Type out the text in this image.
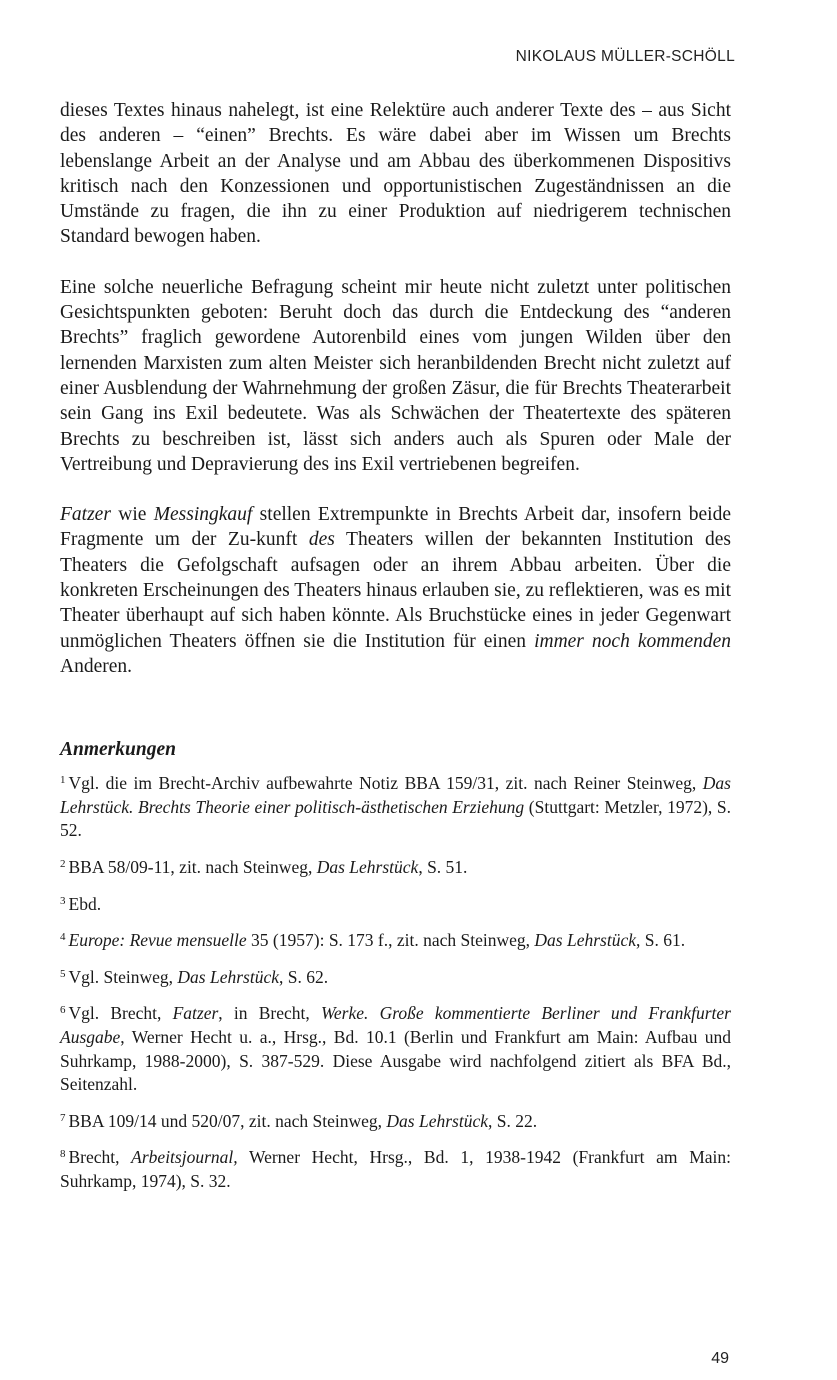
NIKOLAUS MÜLLER-SCHÖLL

dieses Textes hinaus nahelegt, ist eine Relektüre auch anderer Texte des – aus Sicht des anderen – “einen” Brechts. Es wäre dabei aber im Wissen um Brechts lebenslange Arbeit an der Analyse und am Abbau des überkommenen Dispositivs kritisch nach den Konzessionen und opportunistischen Zugeständnissen an die Umstände zu fragen, die ihn zu einer Produktion auf niedrigerem technischen Standard bewogen haben.

Eine solche neuerliche Befragung scheint mir heute nicht zuletzt unter politischen Gesichtspunkten geboten: Beruht doch das durch die Entdeckung des “anderen Brechts” fraglich gewordene Autorenbild eines vom jungen Wilden über den lernenden Marxisten zum alten Meister sich heranbildenden Brecht nicht zuletzt auf einer Ausblendung der Wahrnehmung der großen Zäsur, die für Brechts Theaterarbeit sein Gang ins Exil bedeutete. Was als Schwächen der Theatertexte des späteren Brechts zu beschreiben ist, lässt sich anders auch als Spuren oder Male der Vertreibung und Depravierung des ins Exil vertriebenen begreifen.

Fatzer wie Messingkauf stellen Extrempunkte in Brechts Arbeit dar, insofern beide Fragmente um der Zu-kunft des Theaters willen der bekannten Institution des Theaters die Gefolgschaft aufsagen oder an ihrem Abbau arbeiten. Über die konkreten Erscheinungen des Theaters hinaus erlauben sie, zu reflektieren, was es mit Theater überhaupt auf sich haben könnte. Als Bruchstücke eines in jeder Gegenwart unmöglichen Theaters öffnen sie die Institution für einen immer noch kommenden Anderen.

Anmerkungen

$^1$ Vgl. die im Brecht-Archiv aufbewahrte Notiz BBA 159/31, zit. nach Reiner Steinweg, Das Lehrstück. Brechts Theorie einer politisch-ästhetischen Erziehung (Stuttgart: Metzler, 1972), S. 52.

$^2$ BBA 58/09-11, zit. nach Steinweg, Das Lehrstück, S. 51.

$^3$ Ebd.

$^4$ Europe: Revue mensuelle 35 (1957): S. 173 f., zit. nach Steinweg, Das Lehrstück, S. 61.

$^5$ Vgl. Steinweg, Das Lehrstück, S. 62.

$^6$ Vgl. Brecht, Fatzer, in Brecht, Werke. Große kommentierte Berliner und Frankfurter Ausgabe, Werner Hecht u. a., Hrsg., Bd. 10.1 (Berlin und Frankfurt am Main: Aufbau und Suhrkamp, 1988-2000), S. 387-529. Diese Ausgabe wird nachfolgend zitiert als BFA Bd., Seitenzahl.

$^7$ BBA 109/14 und 520/07, zit. nach Steinweg, Das Lehrstück, S. 22.

$^8$ Brecht, Arbeitsjournal, Werner Hecht, Hrsg., Bd. 1, 1938-1942 (Frankfurt am Main: Suhrkamp, 1974), S. 32.

49
